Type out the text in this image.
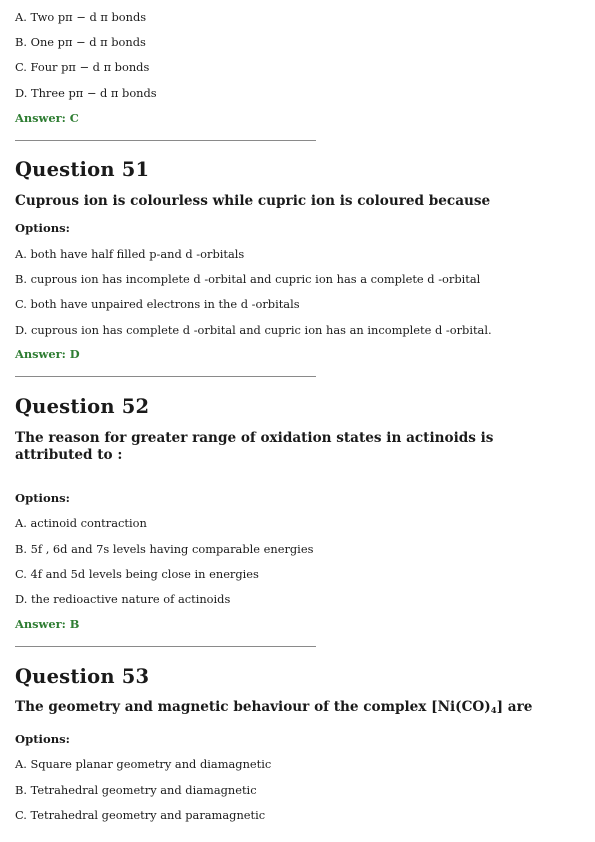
A. Two pπ − d π bonds
B. One pπ − d π bonds
C. Four pπ − d π bonds
D. Three pπ − d π bonds
Answer: C
Question 51
Cuprous ion is colourless while cupric ion is coloured because
Options:
A. both have half filled p-and d -orbitals
B. cuprous ion has incomplete d -orbital and cupric ion has a complete d -orbital
C. both have unpaired electrons in the d -orbitals
D. cuprous ion has complete d -orbital and cupric ion has an incomplete d -orbital.
Answer: D
Question 52
The reason for greater range of oxidation states in actinoids is attributed to :
Options:
A. actinoid contraction
B. 5f , 6d and 7s levels having comparable energies
C. 4f and 5d levels being close in energies
D. the redioactive nature of actinoids
Answer: B
Question 53
The geometry and magnetic behaviour of the complex $[Ni(CO)_4]$ are
Options:
A. Square planar geometry and diamagnetic
B. Tetrahedral geometry and diamagnetic
C. Tetrahedral geometry and paramagnetic
